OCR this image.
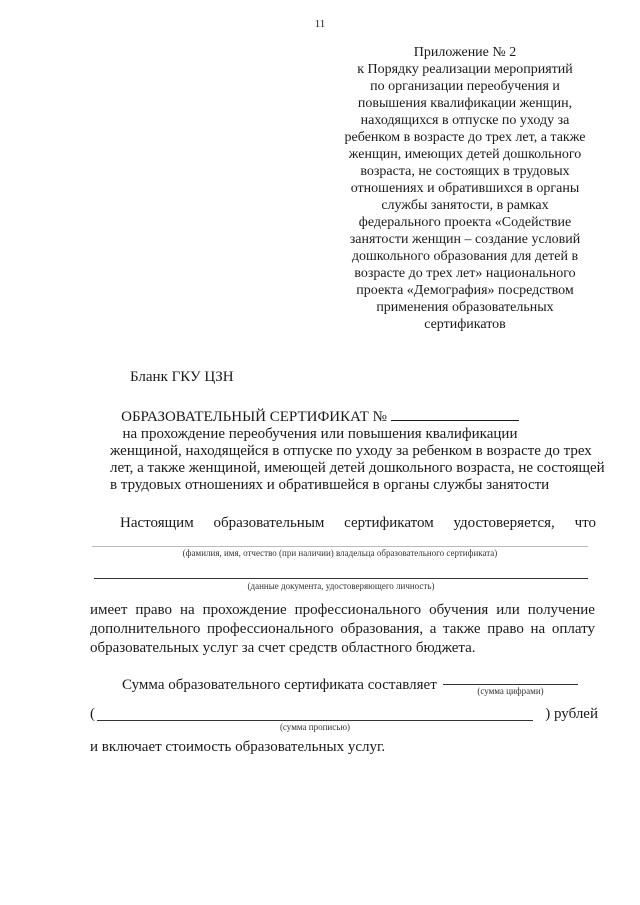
11
Приложение № 2
к Порядку реализации мероприятий
по организации переобучения и
повышения квалификации женщин,
находящихся в отпуске по уходу за
ребенком в возрасте до трех лет, а также
женщин, имеющих детей дошкольного
возраста, не состоящих в трудовых
отношениях и обратившихся в органы
службы занятости, в рамках
федерального проекта «Содействие
занятости женщин – создание условий
дошкольного образования для детей в
возрасте до трех лет» национального
проекта «Демография» посредством
применения образовательных
сертификатов
Бланк ГКУ ЦЗН
ОБРАЗОВАТЕЛЬНЫЙ СЕРТИФИКАТ №
на прохождение переобучения или повышения квалификации
женщиной, находящейся в отпуске по уходу за ребенком в возрасте до трех
лет, а также женщиной, имеющей детей дошкольного возраста, не состоящей
в трудовых отношениях и обратившейся в органы службы занятости
Настоящим образовательным сертификатом удостоверяется, что
(фамилия, имя, отчество (при наличии) владельца образовательного сертификата)
(данные документа, удостоверяющего личность)
имеет право на прохождение профессионального обучения или получение
дополнительного профессионального образования, а также право на оплату
образовательных услуг за счет средств областного бюджета.
Сумма образовательного сертификата составляет	(сумма цифрами)
(	) рублей
(сумма прописью)
и включает стоимость образовательных услуг.
